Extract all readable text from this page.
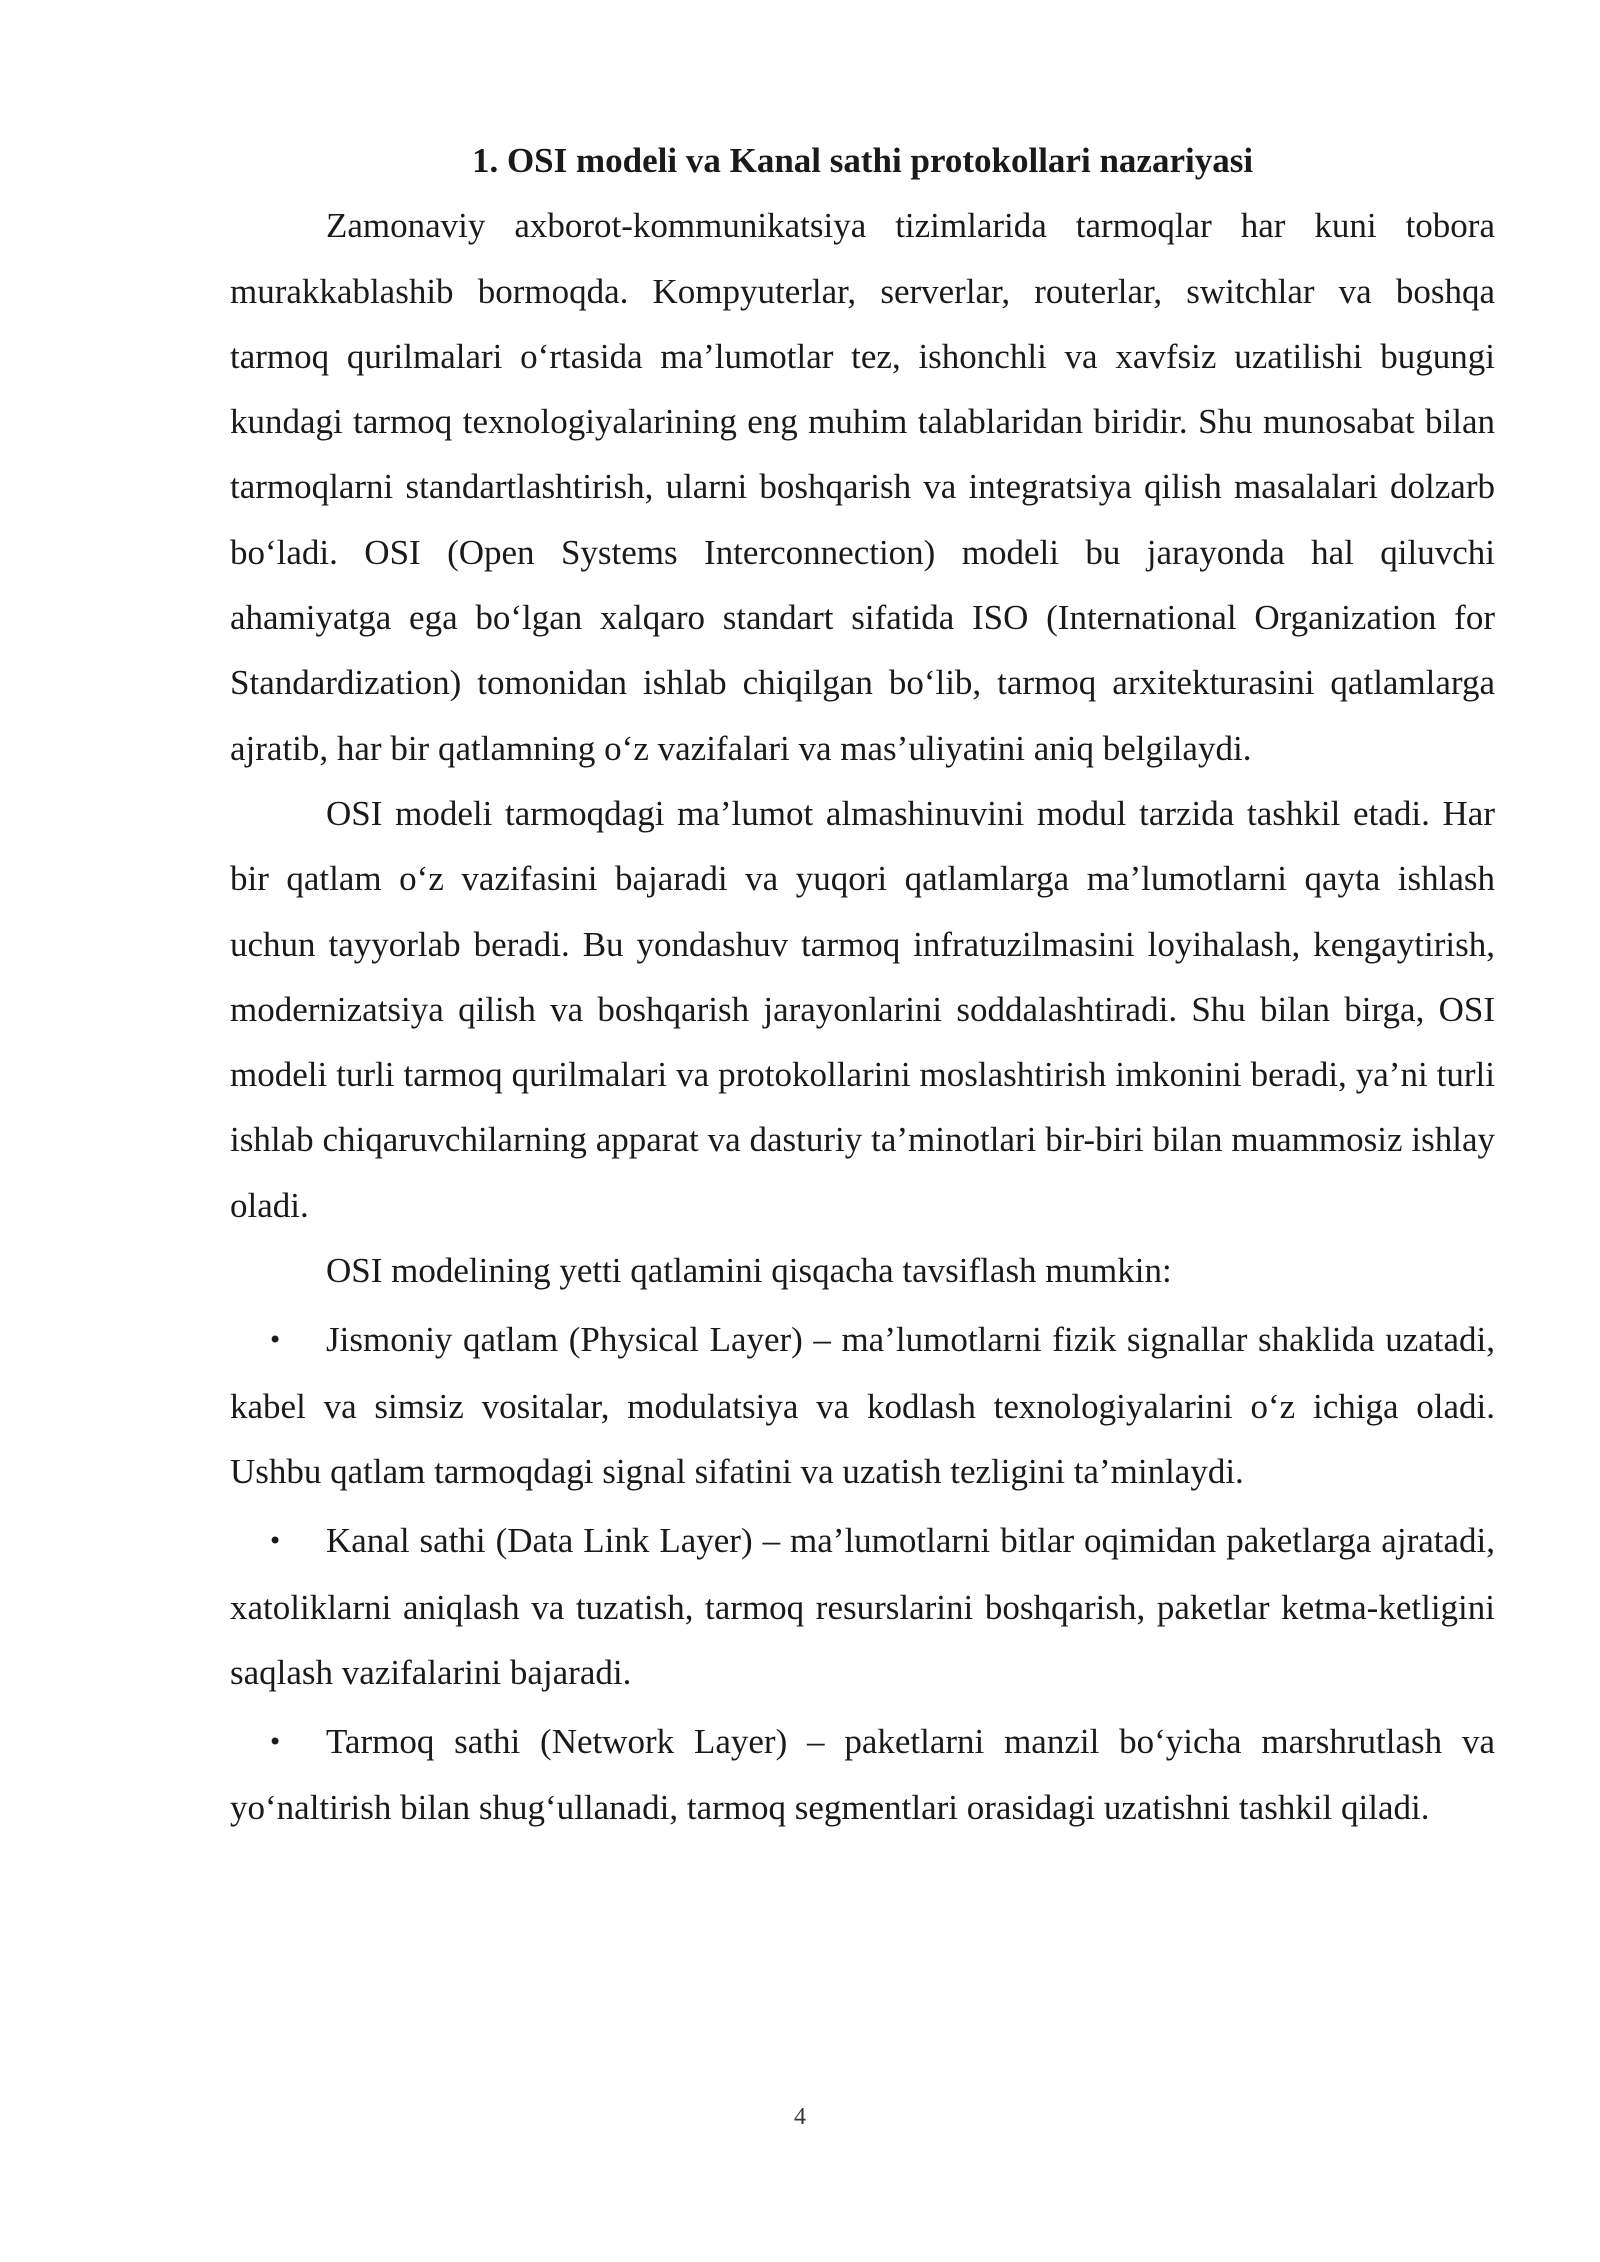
1. OSI modeli va Kanal sathi protokollari nazariyasi

Zamonaviy axborot-kommunikatsiya tizimlarida tarmoqlar har kuni tobora murakkablashib bormoqda. Kompyuterlar, serverlar, routerlar, switchlar va boshqa tarmoq qurilmalari oʻrtasida ma’lumotlar tez, ishonchli va xavfsiz uzatilishi bugungi kundagi tarmoq texnologiyalarining eng muhim talablaridan biridir. Shu munosabat bilan tarmoqlarni standartlashtirish, ularni boshqarish va integratsiya qilish masalalari dolzarb boʻladi. OSI (Open Systems Interconnection) modeli bu jarayonda hal qiluvchi ahamiyatga ega boʻlgan xalqaro standart sifatida ISO (International Organization for Standardization) tomonidan ishlab chiqilgan boʻlib, tarmoq arxitekturasini qatlamlarga ajratib, har bir qatlamning oʻz vazifalari va mas’uliyatini aniq belgilaydi.

OSI modeli tarmoqdagi ma’lumot almashinuvini modul tarzida tashkil etadi. Har bir qatlam oʻz vazifasini bajaradi va yuqori qatlamlarga ma’lumotlarni qayta ishlash uchun tayyorlab beradi. Bu yondashuv tarmoq infratuzilmasini loyihalash, kengaytirish, modernizatsiya qilish va boshqarish jarayonlarini soddalashtiradi. Shu bilan birga, OSI modeli turli tarmoq qurilmalari va protokollarini moslashtirish imkonini beradi, ya’ni turli ishlab chiqaruvchilarning apparat va dasturiy ta’minotlari bir-biri bilan muammosiz ishlay oladi.

OSI modelining yetti qatlamini qisqacha tavsiflash mumkin:

• Jismoniy qatlam (Physical Layer) – ma’lumotlarni fizik signallar shaklida uzatadi, kabel va simsiz vositalar, modulatsiya va kodlash texnologiyalarini oʻz ichiga oladi. Ushbu qatlam tarmoqdagi signal sifatini va uzatish tezligini ta’minlaydi.

• Kanal sathi (Data Link Layer) – ma’lumotlarni bitlar oqimidan paketlarga ajratadi, xatoliklarni aniqlash va tuzatish, tarmoq resurslarini boshqarish, paketlar ketma-ketligini saqlash vazifalarini bajaradi.

• Tarmoq sathi (Network Layer) – paketlarni manzil boʻyicha marshrutlash va yoʻnaltirish bilan shugʻullanadi, tarmoq segmentlari orasidagi uzatishni tashkil qiladi.

4
